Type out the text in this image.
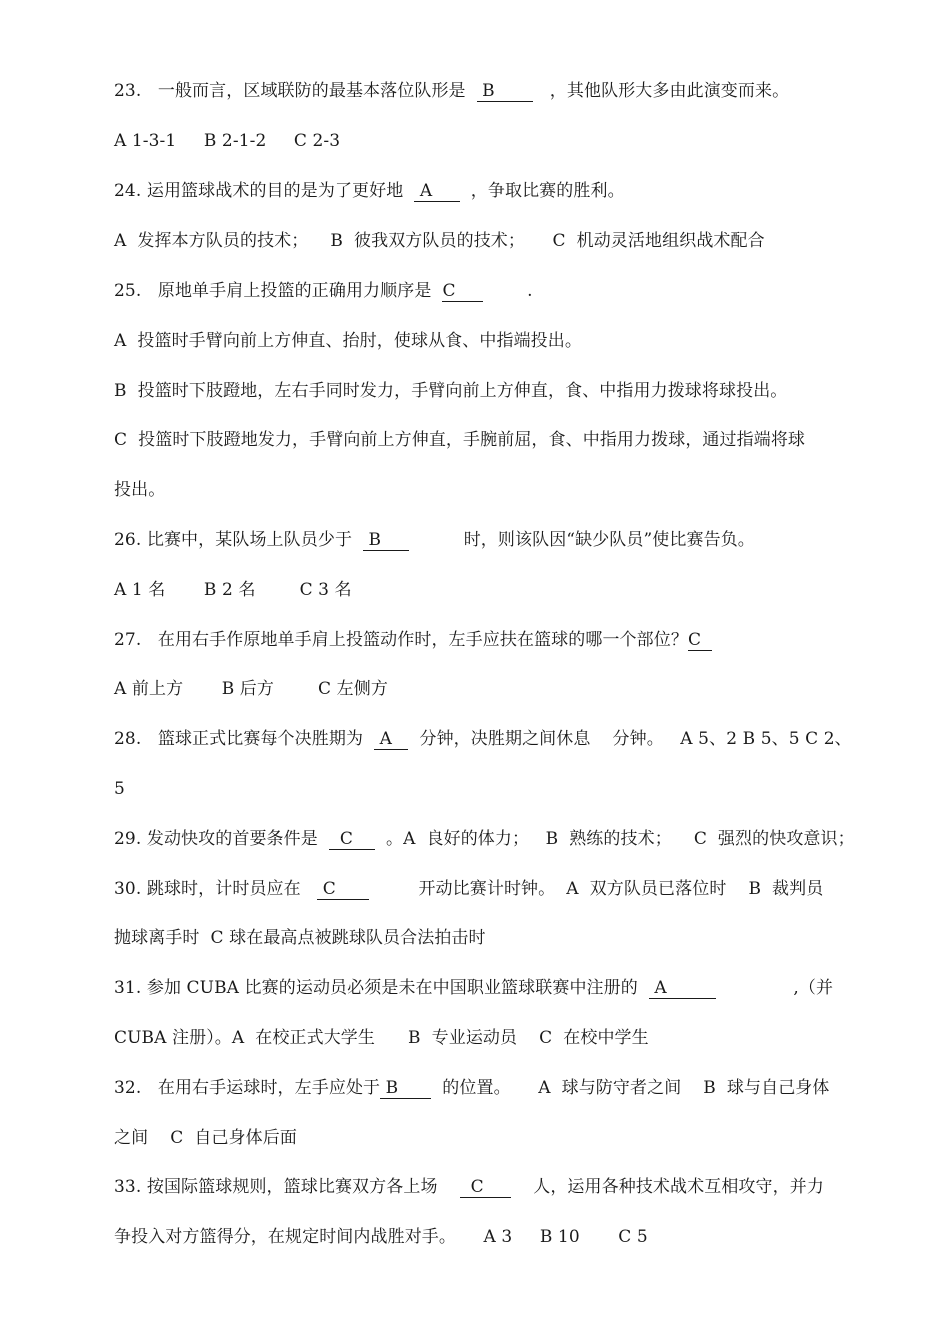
23.   一般而言，区域联防的最基本落位队形是   B          ，其他队形大多由此演变而来。
A 1-3-1     B 2-1-2     C 2-3
24. 运用篮球战术的目的是为了更好地   A       ，争取比赛的胜利。
A  发挥本方队员的技术；    B  彼我双方队员的技术；     C  机动灵活地组织战术配合
25.   原地单手肩上投篮的正确用力顺序是  C             .
A  投篮时手臂向前上方伸直、抬肘，使球从食、中指端投出。
B  投篮时下肢蹬地，左右手同时发力，手臂向前上方伸直，食、中指用力拨球将球投出。
C  投篮时下肢蹬地发力，手臂向前上方伸直，手腕前屈，食、中指用力拨球，通过指端将球
投出。
26. 比赛中，某队场上队员少于   B               时，则该队因“缺少队员”使比赛告负。
A 1 名       B 2 名        C 3 名
27.   在用右手作原地单手肩上投篮动作时，左手应扶在篮球的哪一个部位？C
A 前上方       B 后方        C 左侧方
28.   篮球正式比赛每个决胜期为   A     分钟，决胜期之间休息    分钟。   A 5、2 B 5、5 C 2、
5
29. 发动快攻的首要条件是    C      。A  良好的体力；   B  熟练的技术；    C  强烈的快攻意识；
30. 跳球时，计时员应在    C               开动比赛计时钟。  A  双方队员已落位时    B  裁判员
抛球离手时  C 球在最高点被跳球队员合法拍击时
31. 参加 CUBA 比赛的运动员必须是未在中国职业篮球联赛中注册的   A                       ,（并
CUBA 注册）。A  在校正式大学生      B  专业运动员    C  在校中学生
32.   在用右手运球时，左手应处于 B        的位置。     A  球与防守者之间    B  球与自己身体
之间    C  自己身体后面
33. 按国际篮球规则，篮球比赛双方各上场      C         人，运用各种技术战术互相攻守，并力
争投入对方篮得分，在规定时间内战胜对手。     A 3     B 10       C 5
